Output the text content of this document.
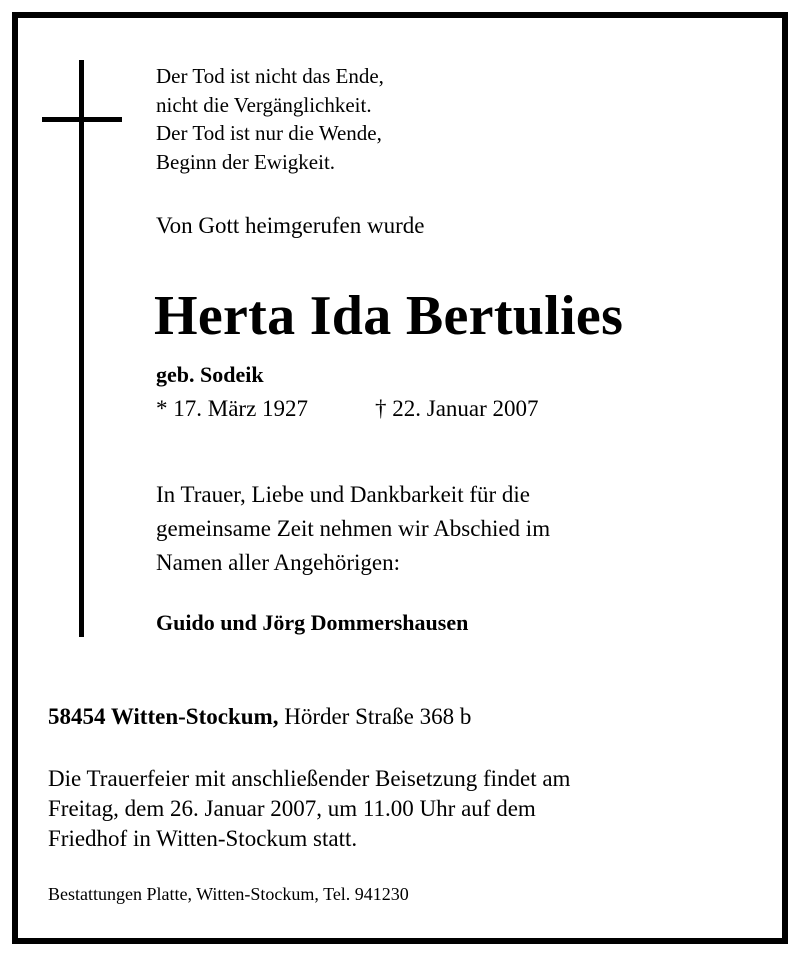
Der Tod ist nicht das Ende,
nicht die Vergänglichkeit.
Der Tod ist nur die Wende,
Beginn der Ewigkeit.
Von Gott heimgerufen wurde
Herta Ida Bertulies
geb. Sodeik
* 17. März 1927	† 22. Januar 2007
In Trauer, Liebe und Dankbarkeit für die
gemeinsame Zeit nehmen wir Abschied im
Namen aller Angehörigen:
Guido und Jörg Dommershausen
58454 Witten-Stockum, Hörder Straße 368 b
Die Trauerfeier mit anschließender Beisetzung findet am
Freitag, dem 26. Januar 2007, um 11.00 Uhr auf dem
Friedhof in Witten-Stockum statt.
Bestattungen Platte, Witten-Stockum, Tel. 941230
